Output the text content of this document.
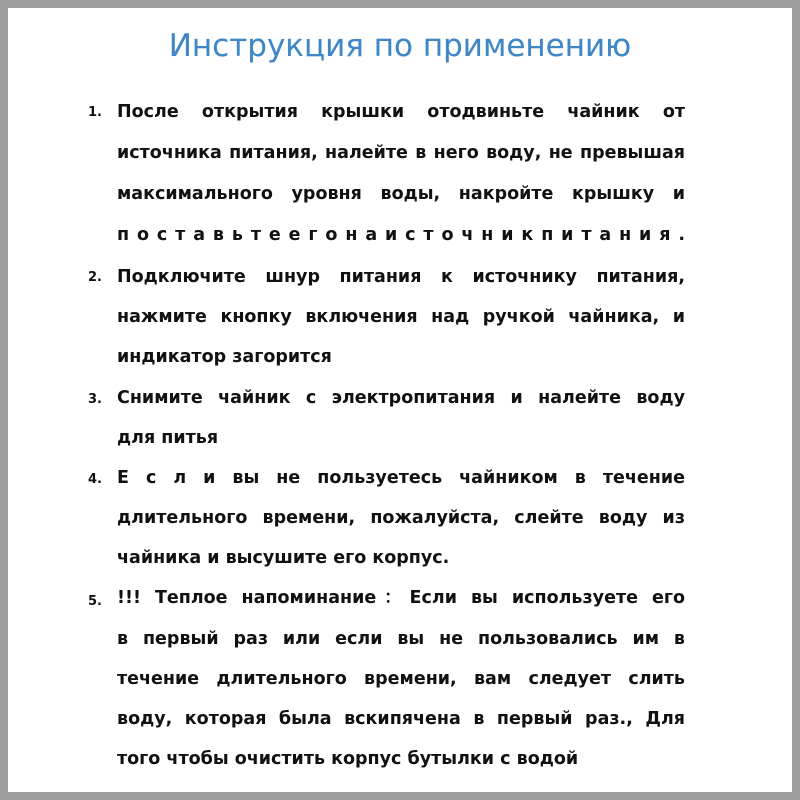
Инструкция по применению
1. После открытия крышки отодвиньте чайник от
источника питания, налейте в него воду, не превышая
максимального уровня воды, накройте крышку и
п о с т а в ь т е е г о н а и с т о ч н и к п и т а н и я .
2. Подключите шнур питания к источнику питания,
нажмите кнопку включения над ручкой чайника, и
индикатор загорится
3. Снимите чайник с электропитания и налейте воду
для питья
4. Е с л и вы не пользуетесь чайником в течение
длительного времени, пожалуйста, слейте воду из
чайника и высушите его корпус.
5. !!! Теплое напоминание：Если вы используете его
в первый раз или если вы не пользовались им в
течение длительного времени, вам следует слить
воду, которая была вскипячена в первый раз., Для
того чтобы очистить корпус бутылки с водой
